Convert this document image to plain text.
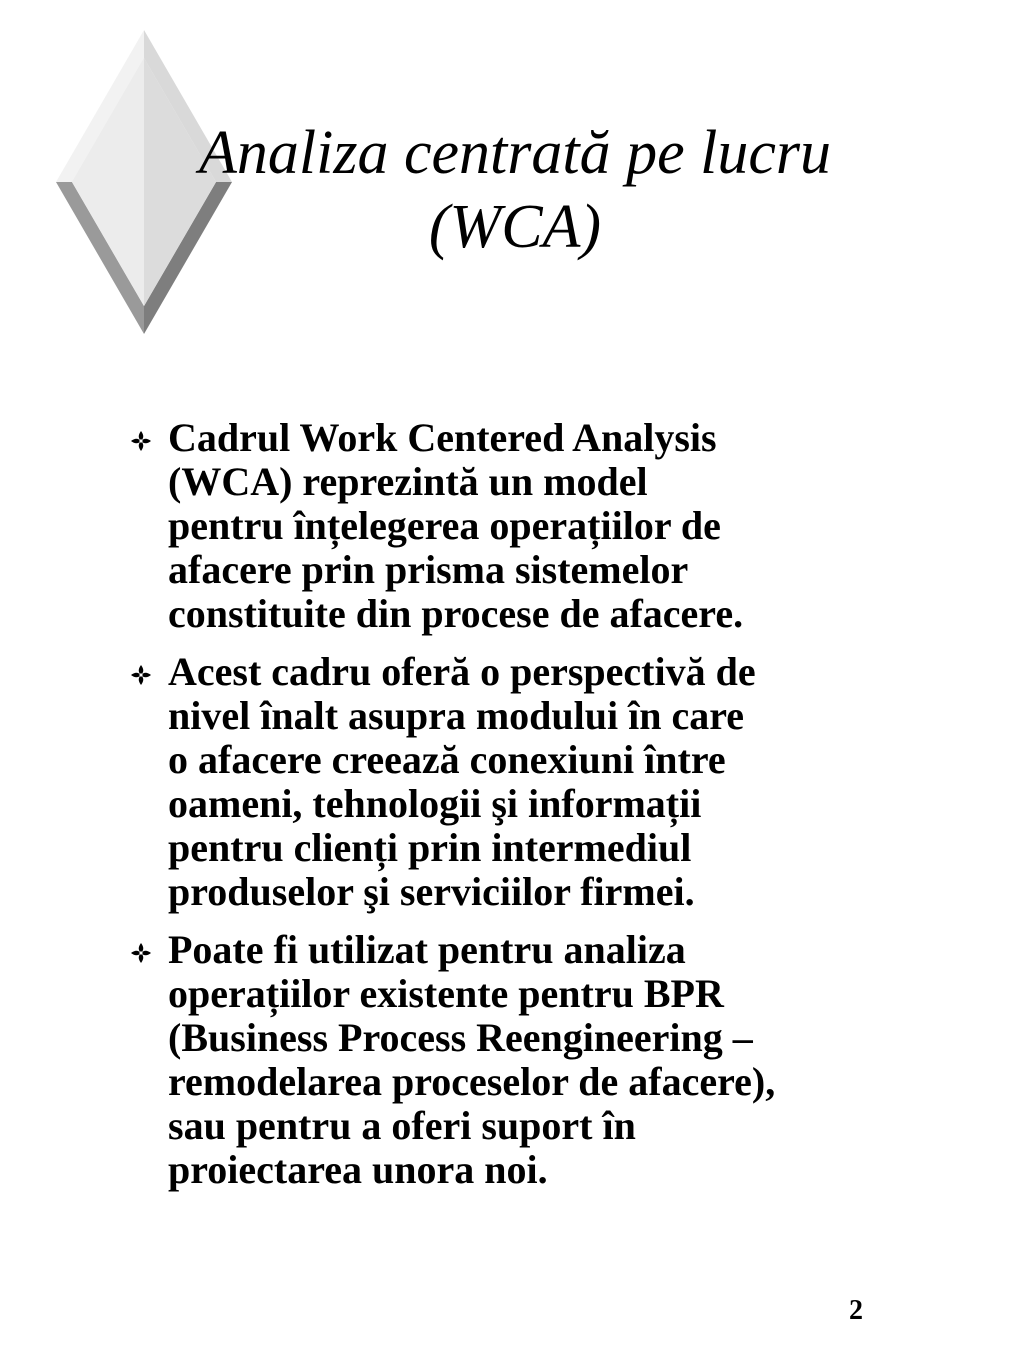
Analiza centrată pe lucru
(WCA)
Cadrul Work Centered Analysis
(WCA) reprezintă un model
pentru înțelegerea operațiilor de
afacere prin prisma sistemelor
constituite din procese de afacere.
Acest cadru oferă o perspectivă de
nivel înalt asupra modului în care
o afacere creează conexiuni între
oameni, tehnologii şi informații
pentru clienți prin intermediul
produselor şi serviciilor firmei.
Poate fi utilizat pentru analiza
operațiilor existente pentru BPR
(Business Process Reengineering –
remodelarea proceselor de afacere),
sau pentru a oferi suport în
proiectarea unora noi.
2
